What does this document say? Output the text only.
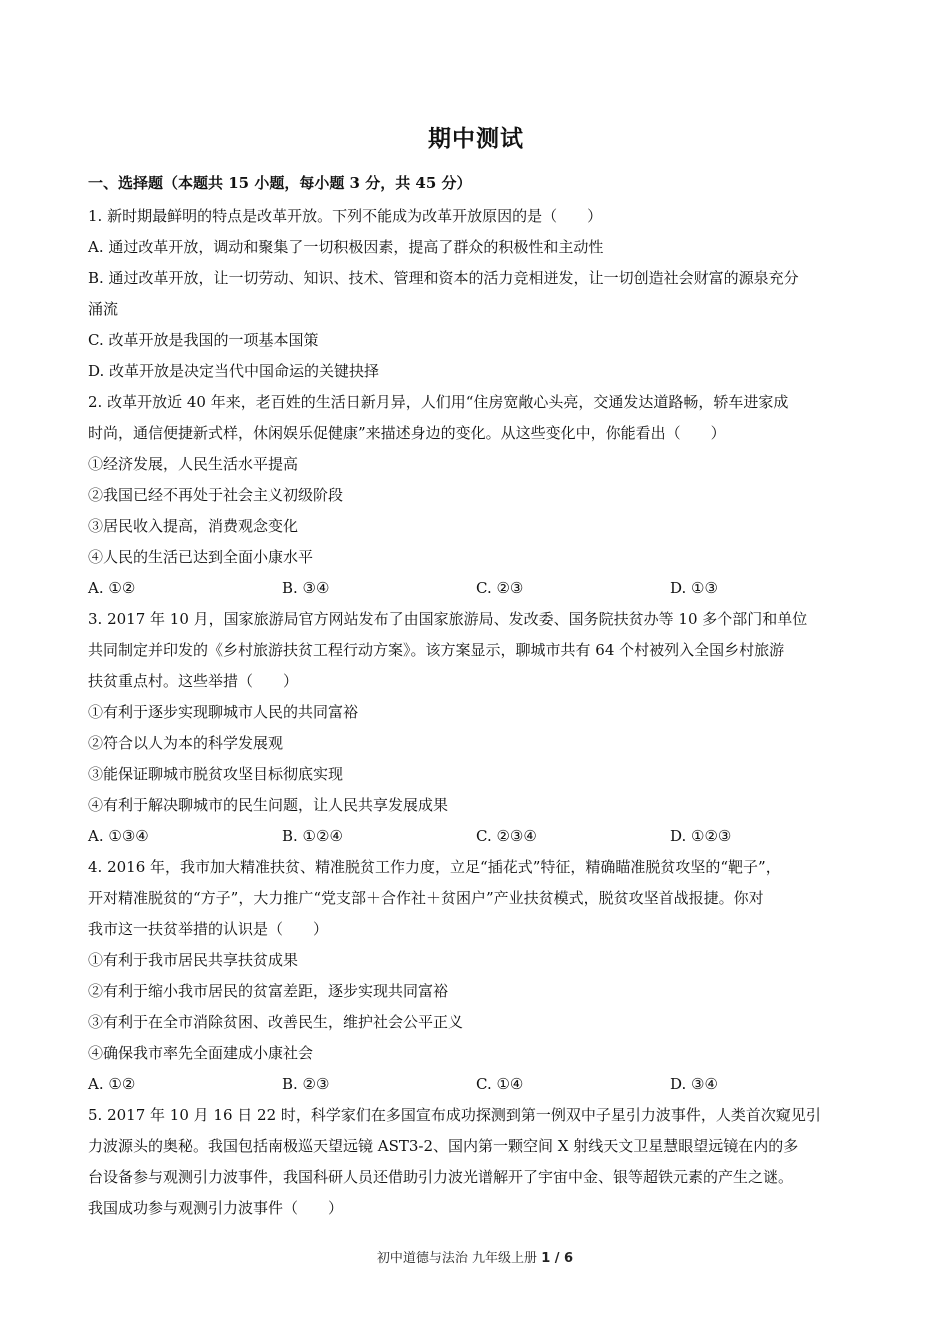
期中测试

一、选择题（本题共 15 小题，每小题 3 分，共 45 分）

1. 新时期最鲜明的特点是改革开放。下列不能成为改革开放原因的是（　　）

A. 通过改革开放，调动和聚集了一切积极因素，提高了群众的积极性和主动性

B. 通过改革开放，让一切劳动、知识、技术、管理和资本的活力竞相迸发，让一切创造社会财富的源泉充分

涌流

C. 改革开放是我国的一项基本国策

D. 改革开放是决定当代中国命运的关键抉择

2. 改革开放近 40 年来，老百姓的生活日新月异，人们用“住房宽敞心头亮，交通发达道路畅，轿车进家成

时尚，通信便捷新式样，休闲娱乐促健康”来描述身边的变化。从这些变化中，你能看出（　　）

①经济发展，人民生活水平提高

②我国已经不再处于社会主义初级阶段

③居民收入提高，消费观念变化

④人民的生活已达到全面小康水平

A. ①②	B. ③④	C. ②③	D. ①③

3. 2017 年 10 月，国家旅游局官方网站发布了由国家旅游局、发改委、国务院扶贫办等 10 多个部门和单位

共同制定并印发的《乡村旅游扶贫工程行动方案》。该方案显示，聊城市共有 64 个村被列入全国乡村旅游

扶贫重点村。这些举措（　　）

①有利于逐步实现聊城市人民的共同富裕

②符合以人为本的科学发展观

③能保证聊城市脱贫攻坚目标彻底实现

④有利于解决聊城市的民生问题，让人民共享发展成果

A. ①③④	B. ①②④	C. ②③④	D. ①②③

4. 2016 年，我市加大精准扶贫、精准脱贫工作力度，立足“插花式”特征，精确瞄准脱贫攻坚的“靶子”，

开对精准脱贫的“方子”，大力推广“党支部＋合作社＋贫困户”产业扶贫模式，脱贫攻坚首战报捷。你对

我市这一扶贫举措的认识是（　　）

①有利于我市居民共享扶贫成果

②有利于缩小我市居民的贫富差距，逐步实现共同富裕

③有利于在全市消除贫困、改善民生，维护社会公平正义

④确保我市率先全面建成小康社会

A. ①②	B. ②③	C. ①④	D. ③④

5. 2017 年 10 月 16 日 22 时，科学家们在多国宣布成功探测到第一例双中子星引力波事件，人类首次窥见引

力波源头的奥秘。我国包括南极巡天望远镜 AST3-2、国内第一颗空间 X 射线天文卫星慧眼望远镜在内的多

台设备参与观测引力波事件，我国科研人员还借助引力波光谱解开了宇宙中金、银等超铁元素的产生之谜。

我国成功参与观测引力波事件（　　）

初中道德与法治 九年级上册 1 / 6
